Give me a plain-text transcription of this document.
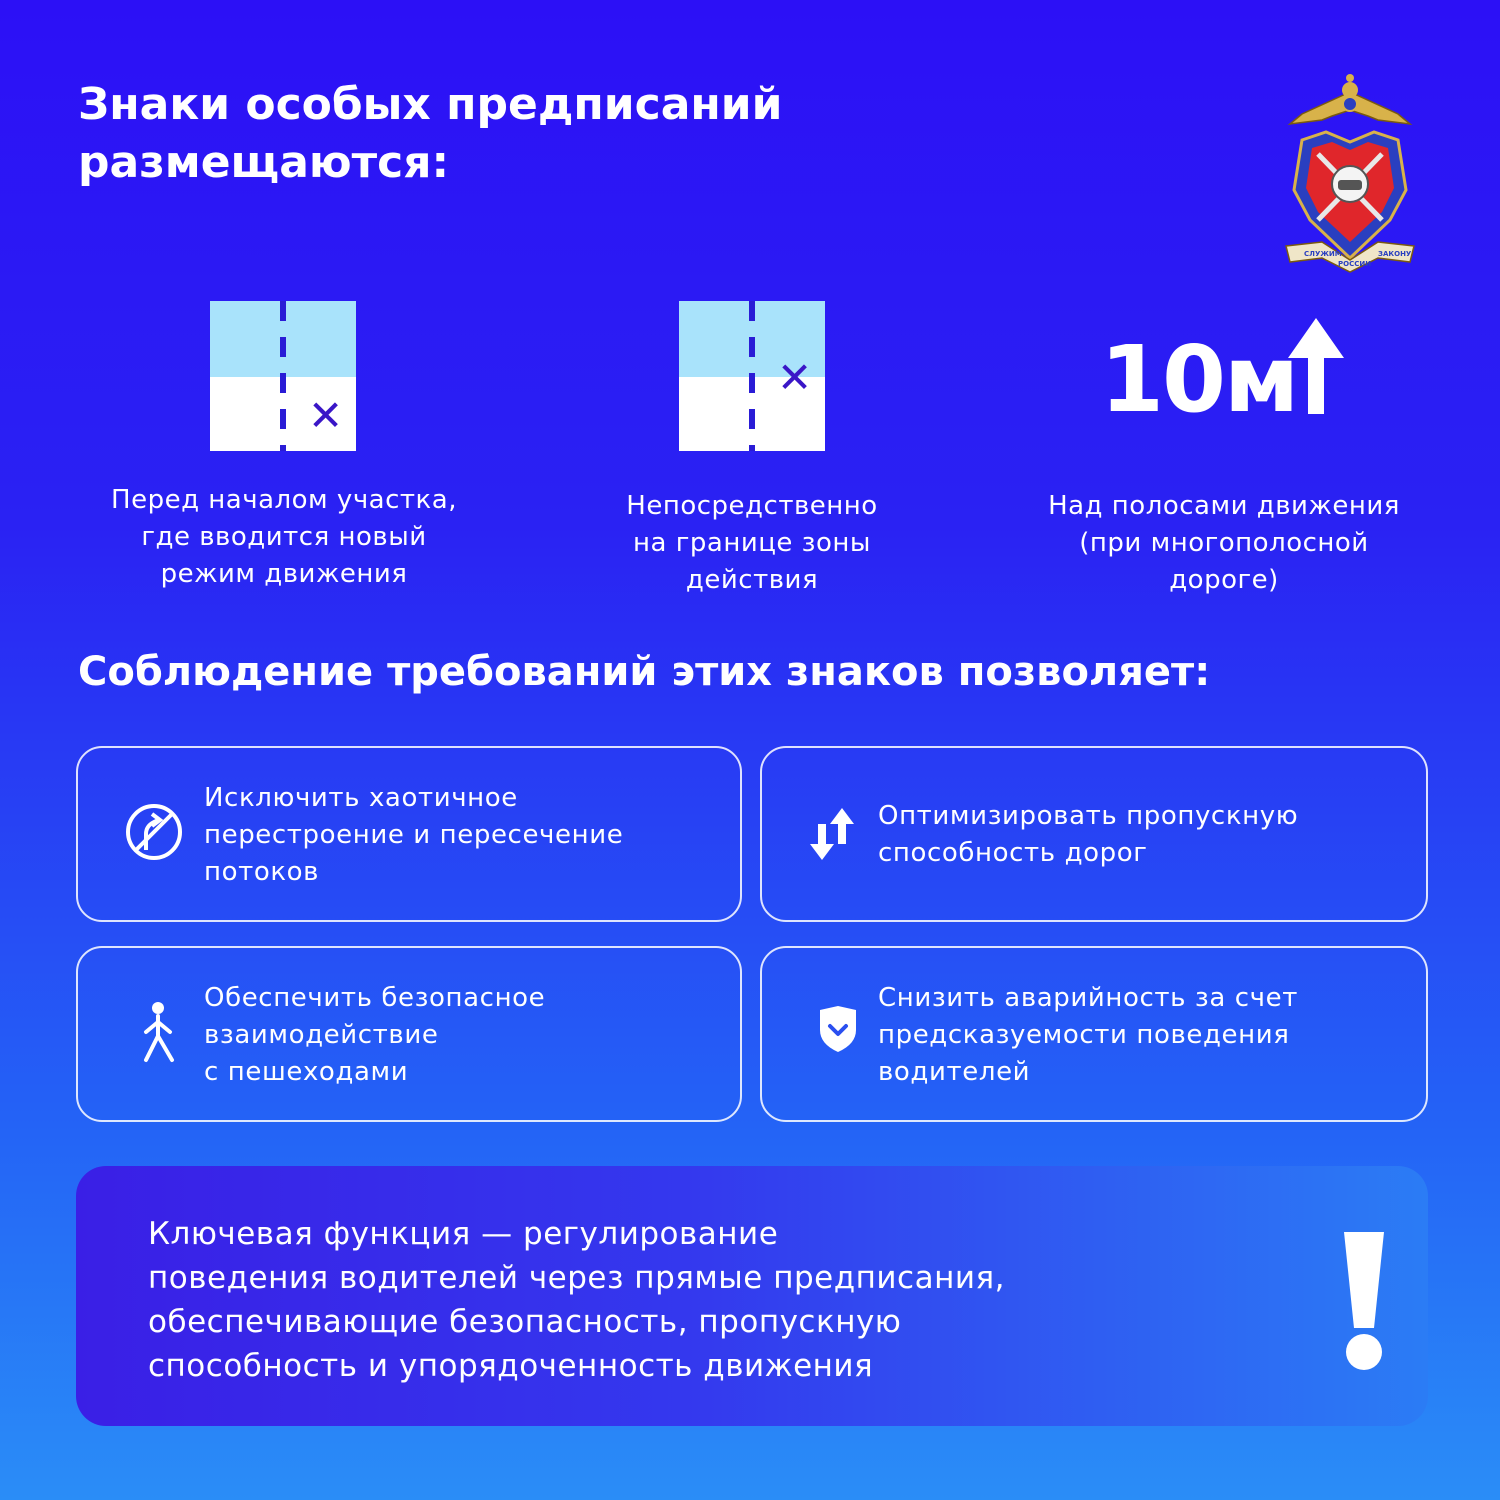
Знаки особых предписаний
размещаются:
СЛУЖИМ
РОССИИ
ЗАКОНУ
✕
Перед началом участка,
где вводится новый
режим движения
✕
Непосредственно
на границе зоны
действия
10м
Над полосами движения
(при многополосной
дороге)
Соблюдение требований этих знаков позволяет:
Исключить хаотичное
перестроение и пересечение
потоков
Оптимизировать пропускную
способность дорог
Обеспечить безопасное
взаимодействие
с пешеходами
Снизить аварийность за счет
предсказуемости поведения
водителей
Ключевая функция — регулирование
поведения водителей через прямые предписания,
обеспечивающие безопасность, пропускную
способность и упорядоченность движения
